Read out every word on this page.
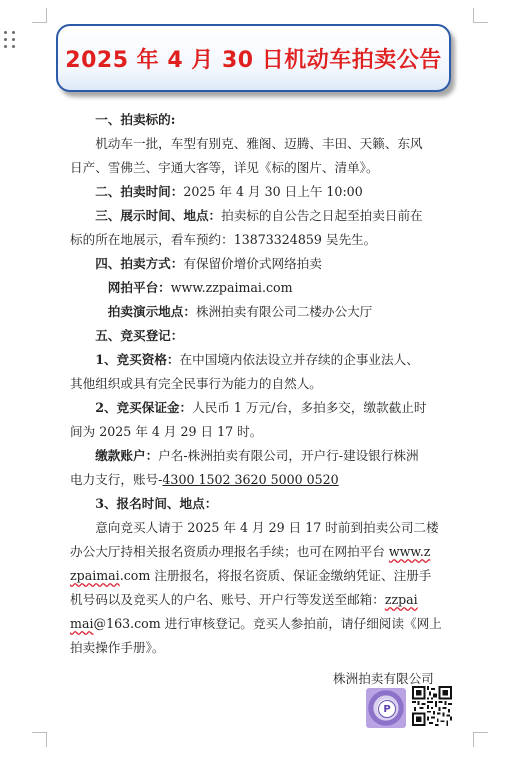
2025 年 4 月 30 日机动车拍卖公告
一、拍卖标的:
机动车一批，车型有别克、雅阁、迈腾、丰田、天籁、东风
日产、雪佛兰、宇通大客等，详见《标的图片、清单》。
二、拍卖时间：2025 年 4 月 30 日上午 10:00
三、展示时间、地点：拍卖标的自公告之日起至拍卖日前在
标的所在地展示，看车预约：13873324859 吴先生。
四、拍卖方式：有保留价增价式网络拍卖
网拍平台：www.zzpaimai.com
拍卖演示地点：株洲拍卖有限公司二楼办公大厅
五、竞买登记：
1、竞买资格：在中国境内依法设立并存续的企事业法人、
其他组织或具有完全民事行为能力的自然人。
2、竞买保证金：人民币 1 万元/台，多拍多交，缴款截止时
间为 2025 年 4 月 29 日 17 时。
缴款账户：户名-株洲拍卖有限公司，开户行-建设银行株洲
电力支行，账号-4300 1502 3620 5000 0520
3、报名时间、地点：
意向竞买人请于 2025 年 4 月 29 日 17 时前到拍卖公司二楼
办公大厅持相关报名资质办理报名手续；也可在网拍平台 www.z
zpaimai.com 注册报名，将报名资质、保证金缴纳凭证、注册手
机号码以及竞买人的户名、账号、开户行等发送至邮箱：zzpai
mai@163.com 进行审核登记。竞买人参拍前，请仔细阅读《网上
拍卖操作手册》。
株洲拍卖有限公司
P
